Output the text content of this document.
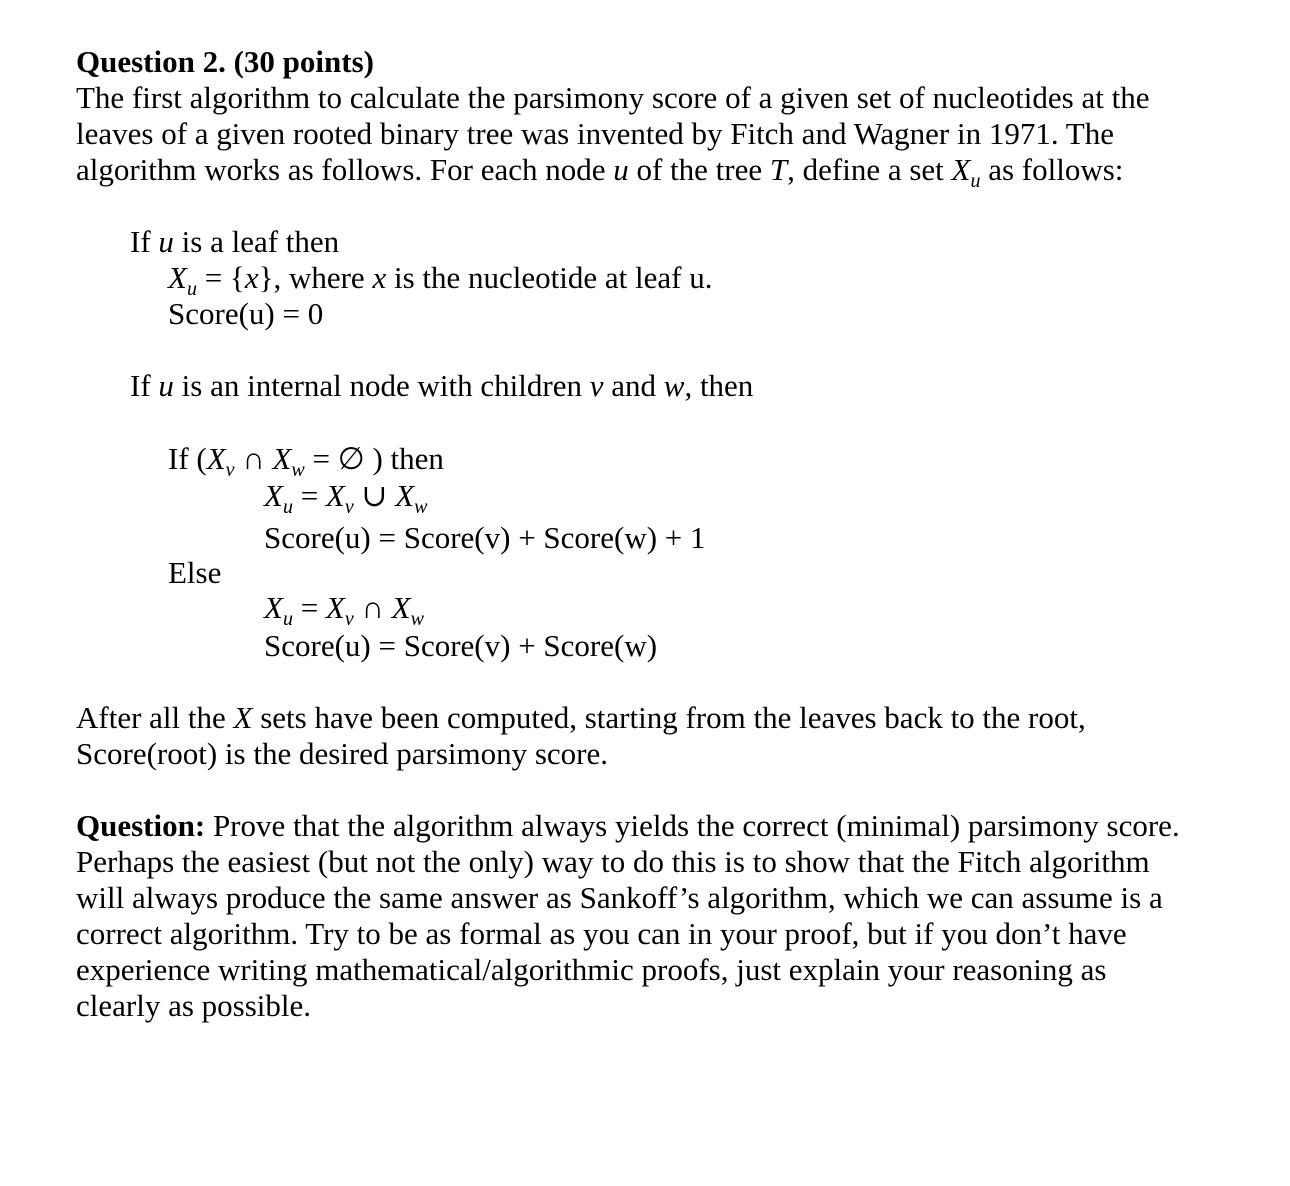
Question 2. (30 points)
The first algorithm to calculate the parsimony score of a given set of nucleotides at the
leaves of a given rooted binary tree was invented by Fitch and Wagner in 1971. The
algorithm works as follows. For each node u of the tree T, define a set $X_u$ as follows:
If u is a leaf then
$X_u = \{x\}$, where x is the nucleotide at leaf u.
Score(u) = 0
If u is an internal node with children v and w, then
If ($X_v$ ∩ $X_w$ = ∅ ) then
$X_u = X_v$ ∪ $X_w$
Score(u) = Score(v) + Score(w) + 1
Else
$X_u = X_v$ ∩ $X_w$
Score(u) = Score(v) + Score(w)
After all the X sets have been computed, starting from the leaves back to the root,
Score(root) is the desired parsimony score.
Question: Prove that the algorithm always yields the correct (minimal) parsimony score.
Perhaps the easiest (but not the only) way to do this is to show that the Fitch algorithm
will always produce the same answer as Sankoff’s algorithm, which we can assume is a
correct algorithm. Try to be as formal as you can in your proof, but if you don’t have
experience writing mathematical/algorithmic proofs, just explain your reasoning as
clearly as possible.
